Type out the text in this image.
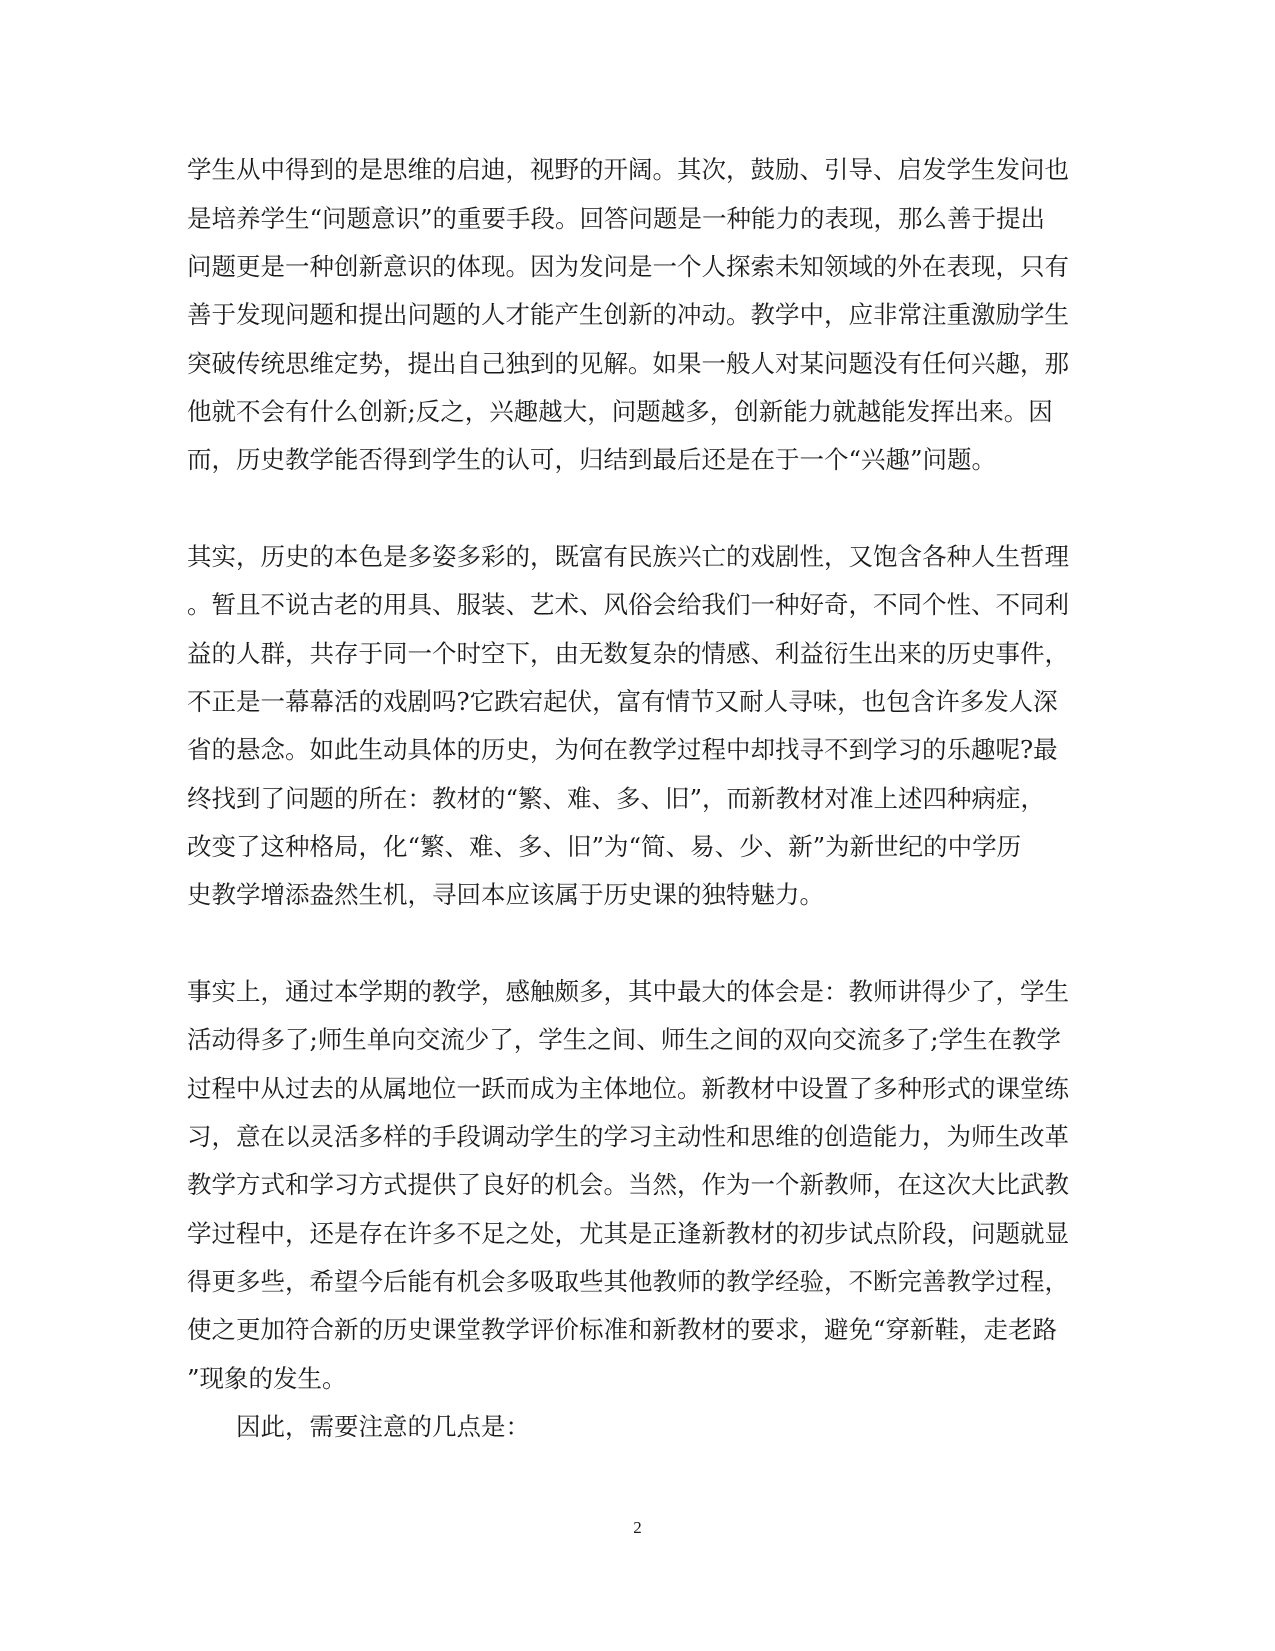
学生从中得到的是思维的启迪，视野的开阔。其次，鼓励、引导、启发学生发问也
是培养学生“问题意识”的重要手段。回答问题是一种能力的表现，那么善于提出
问题更是一种创新意识的体现。因为发问是一个人探索未知领域的外在表现，只有
善于发现问题和提出问题的人才能产生创新的冲动。教学中，应非常注重激励学生
突破传统思维定势，提出自己独到的见解。如果一般人对某问题没有任何兴趣，那
他就不会有什么创新;反之，兴趣越大，问题越多，创新能力就越能发挥出来。因
而，历史教学能否得到学生的认可，归结到最后还是在于一个“兴趣”问题。
其实，历史的本色是多姿多彩的，既富有民族兴亡的戏剧性，又饱含各种人生哲理
。暂且不说古老的用具、服装、艺术、风俗会给我们一种好奇，不同个性、不同利
益的人群，共存于同一个时空下，由无数复杂的情感、利益衍生出来的历史事件，
不正是一幕幕活的戏剧吗?它跌宕起伏，富有情节又耐人寻味，也包含许多发人深
省的悬念。如此生动具体的历史，为何在教学过程中却找寻不到学习的乐趣呢?最
终找到了问题的所在：教材的“繁、难、多、旧”，而新教材对准上述四种病症，
改变了这种格局，化“繁、难、多、旧”为“简、易、少、新”为新世纪的中学历
史教学增添盎然生机，寻回本应该属于历史课的独特魅力。
事实上，通过本学期的教学，感触颇多，其中最大的体会是：教师讲得少了，学生
活动得多了;师生单向交流少了，学生之间、师生之间的双向交流多了;学生在教学
过程中从过去的从属地位一跃而成为主体地位。新教材中设置了多种形式的课堂练
习，意在以灵活多样的手段调动学生的学习主动性和思维的创造能力，为师生改革
教学方式和学习方式提供了良好的机会。当然，作为一个新教师，在这次大比武教
学过程中，还是存在许多不足之处，尤其是正逢新教材的初步试点阶段，问题就显
得更多些，希望今后能有机会多吸取些其他教师的教学经验，不断完善教学过程，
使之更加符合新的历史课堂教学评价标准和新教材的要求，避免“穿新鞋，走老路
”现象的发生。
因此，需要注意的几点是：
2
